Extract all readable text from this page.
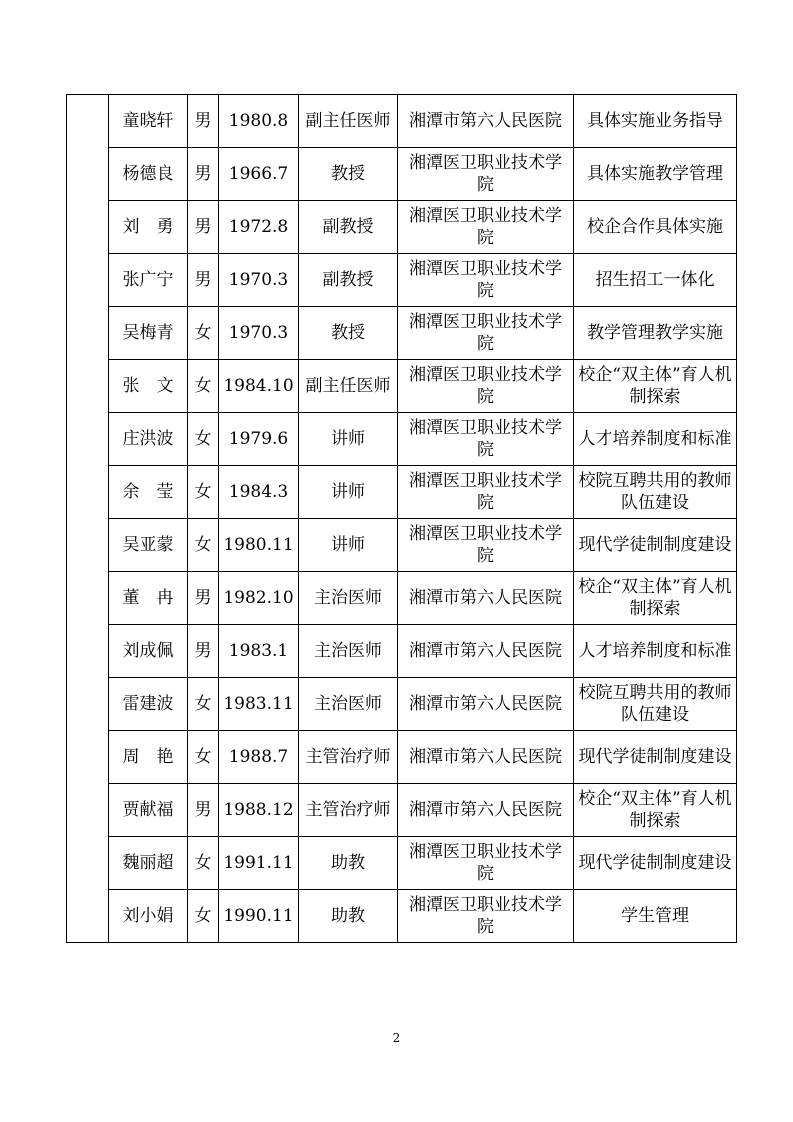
	童晓轩	男	1980.8	副主任医师	湘潭市第六人民医院	具体实施业务指导

	杨德良	男	1966.7	教授	湘潭医卫职业技术学院	具体实施教学管理

	刘　勇	男	1972.8	副教授	湘潭医卫职业技术学院	校企合作具体实施

	张广宁	男	1970.3	副教授	湘潭医卫职业技术学院	招生招工一体化

	吴梅青	女	1970.3	教授	湘潭医卫职业技术学院	教学管理教学实施

	张　文	女	1984.10	副主任医师	湘潭医卫职业技术学院	校企“双主体”育人机制探索

	庄洪波	女	1979.6	讲师	湘潭医卫职业技术学院	人才培养制度和标准

	余　莹	女	1984.3	讲师	湘潭医卫职业技术学院	校院互聘共用的教师队伍建设

	吴亚蒙	女	1980.11	讲师	湘潭医卫职业技术学院	现代学徒制制度建设

	董　冉	男	1982.10	主治医师	湘潭市第六人民医院	校企“双主体”育人机制探索

	刘成佩	男	1983.1	主治医师	湘潭市第六人民医院	人才培养制度和标准

	雷建波	女	1983.11	主治医师	湘潭市第六人民医院	校院互聘共用的教师队伍建设

	周　艳	女	1988.7	主管治疗师	湘潭市第六人民医院	现代学徒制制度建设

	贾献福	男	1988.12	主管治疗师	湘潭市第六人民医院	校企“双主体”育人机制探索

	魏丽超	女	1991.11	助教	湘潭医卫职业技术学院	现代学徒制制度建设

	刘小娟	女	1990.11	助教	湘潭医卫职业技术学院	学生管理
2
